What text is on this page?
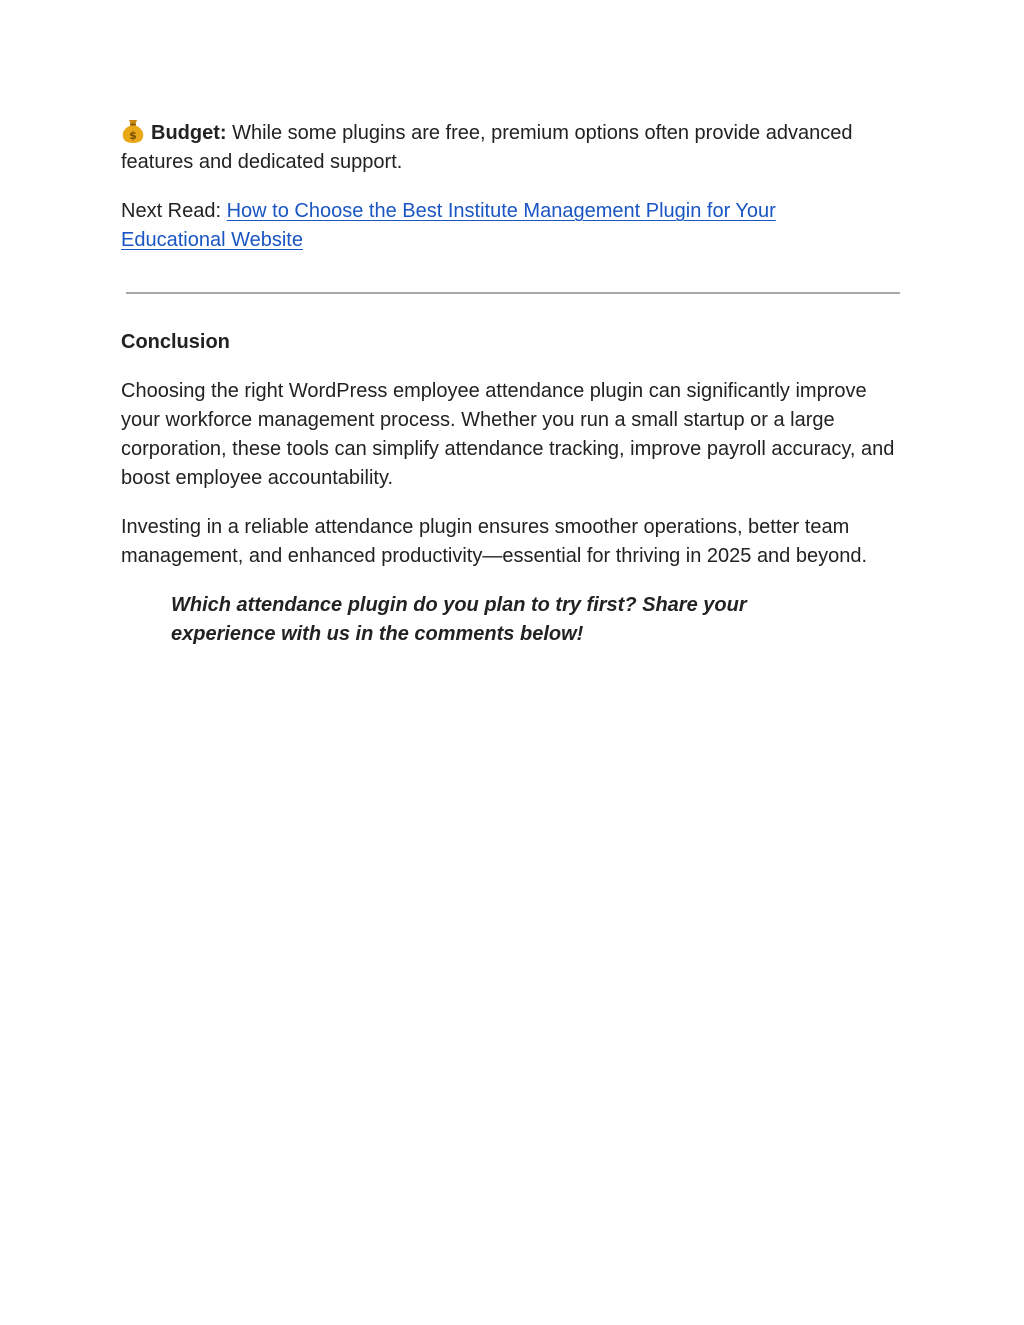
$ Budget: While some plugins are free, premium options often provide advanced features and dedicated support.

Next Read: How to Choose the Best Institute Management Plugin for Your
Educational Website

Conclusion

Choosing the right WordPress employee attendance plugin can significantly improve your workforce management process. Whether you run a small startup or a large corporation, these tools can simplify attendance tracking, improve payroll accuracy, and boost employee accountability.

Investing in a reliable attendance plugin ensures smoother operations, better team management, and enhanced productivity—essential for thriving in 2025 and beyond.

Which attendance plugin do you plan to try first? Share your experience with us in the comments below!
